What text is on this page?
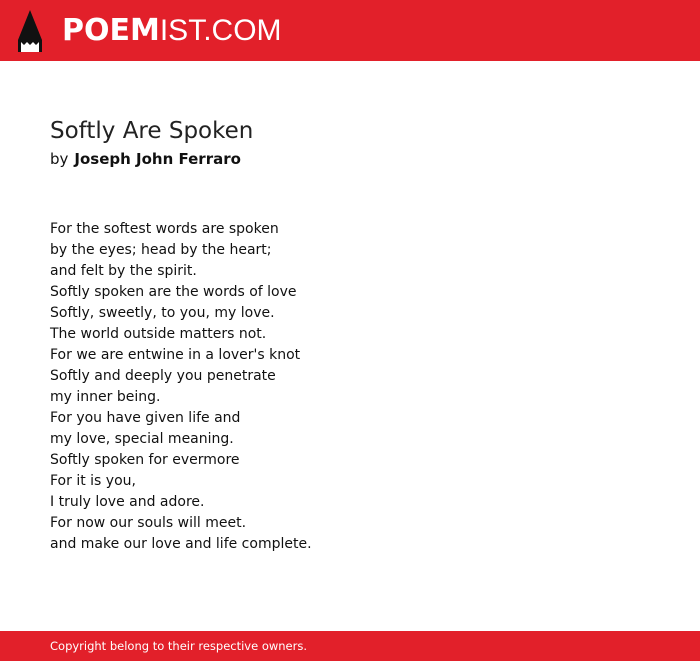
POEMIST.COM
Softly Are Spoken
by Joseph John Ferraro
For the softest words are spoken
by the eyes; head by the heart;
and felt by the spirit.
Softly spoken are the words of love
Softly, sweetly, to you, my love.
The world outside matters not.
For we are entwine in a lover's knot
Softly and deeply you penetrate
my inner being.
For you have given life and
my love, special meaning.
Softly spoken for evermore
For it is you,
I truly love and adore.
For now our souls will meet.
and make our love and life complete.
Copyright belong to their respective owners.
